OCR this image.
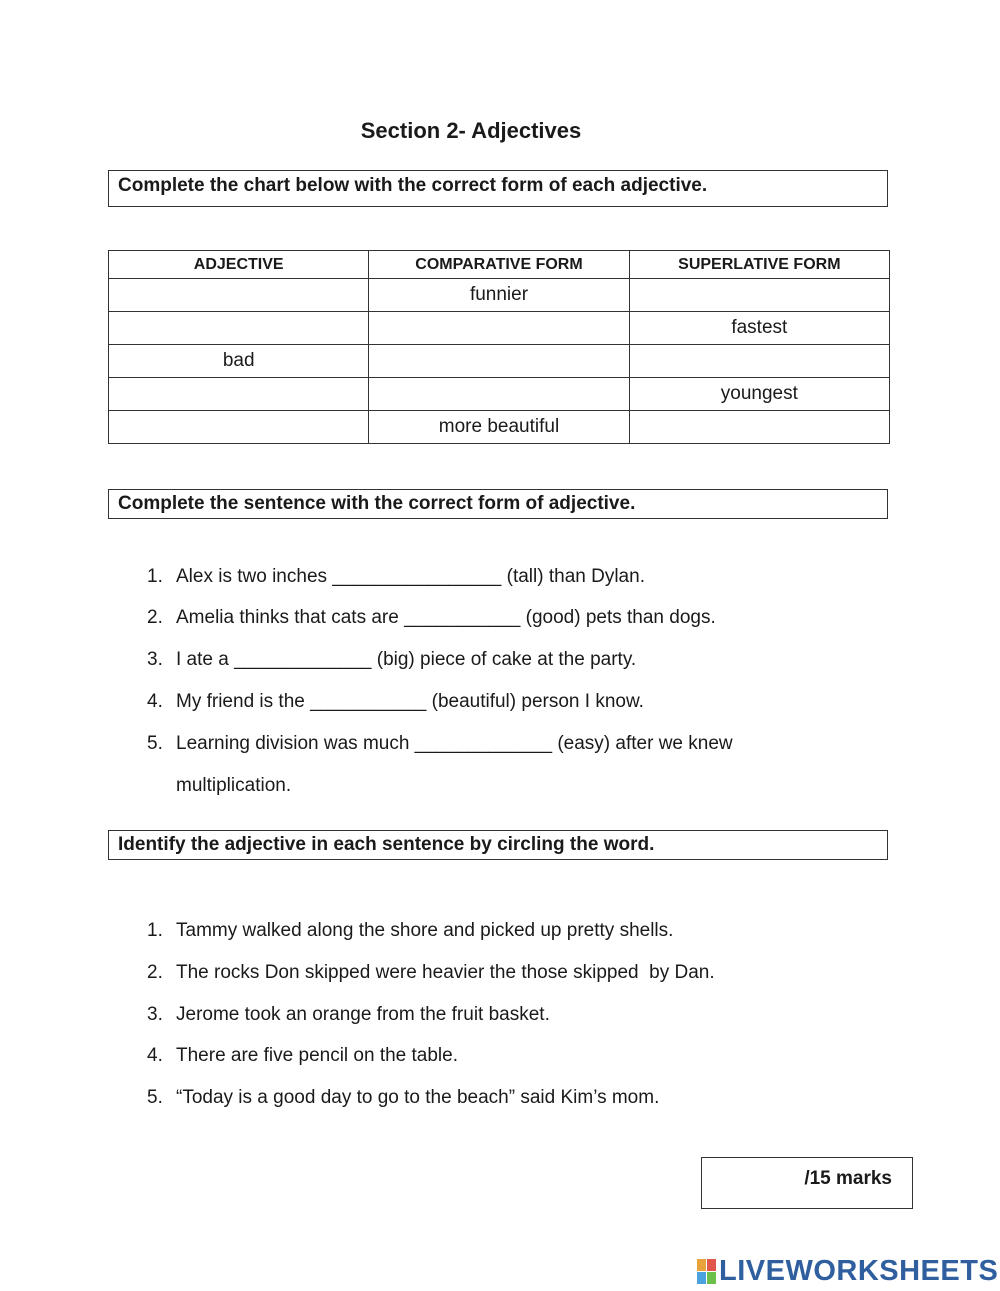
Section 2- Adjectives
Complete the chart below with the correct form of each adjective.
ADJECTIVE	COMPARATIVE FORM	SUPERLATIVE FORM
	funnier	
		fastest
bad		
		youngest
	more beautiful	
Complete the sentence with the correct form of adjective.
1. Alex is two inches ________________ (tall) than Dylan.
2. Amelia thinks that cats are ___________ (good) pets than dogs.
3. I ate a _____________ (big) piece of cake at the party.
4. My friend is the ___________ (beautiful) person I know.
5. Learning division was much _____________ (easy) after we knew multiplication.
Identify the adjective in each sentence by circling the word.
1. Tammy walked along the shore and picked up pretty shells.
2. The rocks Don skipped were heavier the those skipped  by Dan.
3. Jerome took an orange from the fruit basket.
4. There are five pencil on the table.
5. “Today is a good day to go to the beach” said Kim’s mom.
/15 marks
LIVEWORKSHEETS
